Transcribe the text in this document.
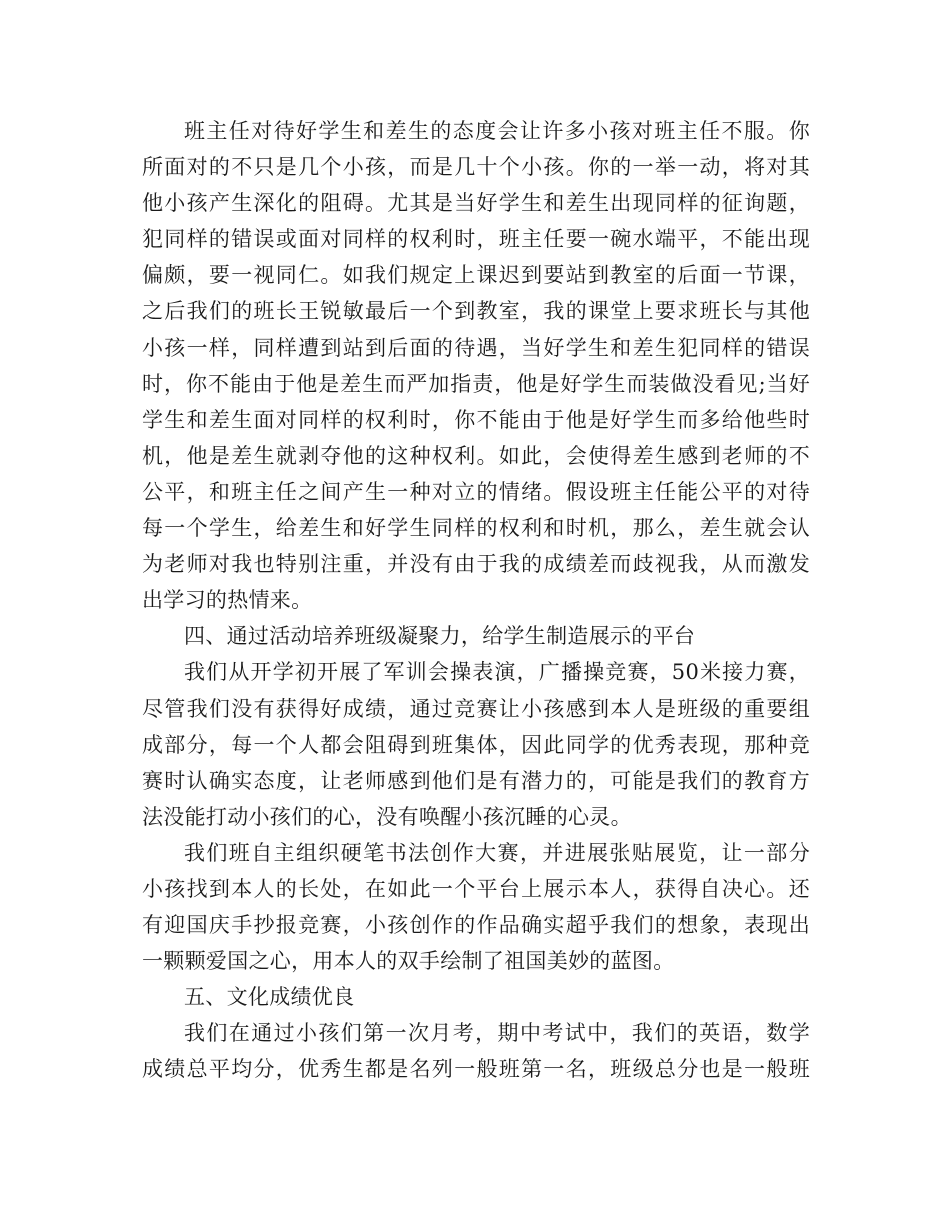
班主任对待好学生和差生的态度会让许多小孩对班主任不服。你
所面对的不只是几个小孩，而是几十个小孩。你的一举一动，将对其
他小孩产生深化的阻碍。尤其是当好学生和差生出现同样的征询题，
犯同样的错误或面对同样的权利时，班主任要一碗水端平，不能出现
偏颇，要一视同仁。如我们规定上课迟到要站到教室的后面一节课，
之后我们的班长王锐敏最后一个到教室，我的课堂上要求班长与其他
小孩一样，同样遭到站到后面的待遇，当好学生和差生犯同样的错误
时，你不能由于他是差生而严加指责，他是好学生而装做没看见;当好
学生和差生面对同样的权利时，你不能由于他是好学生而多给他些时
机，他是差生就剥夺他的这种权利。如此，会使得差生感到老师的不
公平，和班主任之间产生一种对立的情绪。假设班主任能公平的对待
每一个学生，给差生和好学生同样的权利和时机，那么，差生就会认
为老师对我也特别注重，并没有由于我的成绩差而歧视我，从而激发
出学习的热情来。
四、通过活动培养班级凝聚力，给学生制造展示的平台
我们从开学初开展了军训会操表演，广播操竞赛，50米接力赛，
尽管我们没有获得好成绩，通过竞赛让小孩感到本人是班级的重要组
成部分，每一个人都会阻碍到班集体，因此同学的优秀表现，那种竞
赛时认确实态度，让老师感到他们是有潜力的，可能是我们的教育方
法没能打动小孩们的心，没有唤醒小孩沉睡的心灵。
我们班自主组织硬笔书法创作大赛，并进展张贴展览，让一部分
小孩找到本人的长处，在如此一个平台上展示本人，获得自决心。还
有迎国庆手抄报竞赛，小孩创作的作品确实超乎我们的想象，表现出
一颗颗爱国之心，用本人的双手绘制了祖国美妙的蓝图。
五、文化成绩优良
我们在通过小孩们第一次月考，期中考试中，我们的英语，数学
成绩总平均分，优秀生都是名列一般班第一名，班级总分也是一般班
